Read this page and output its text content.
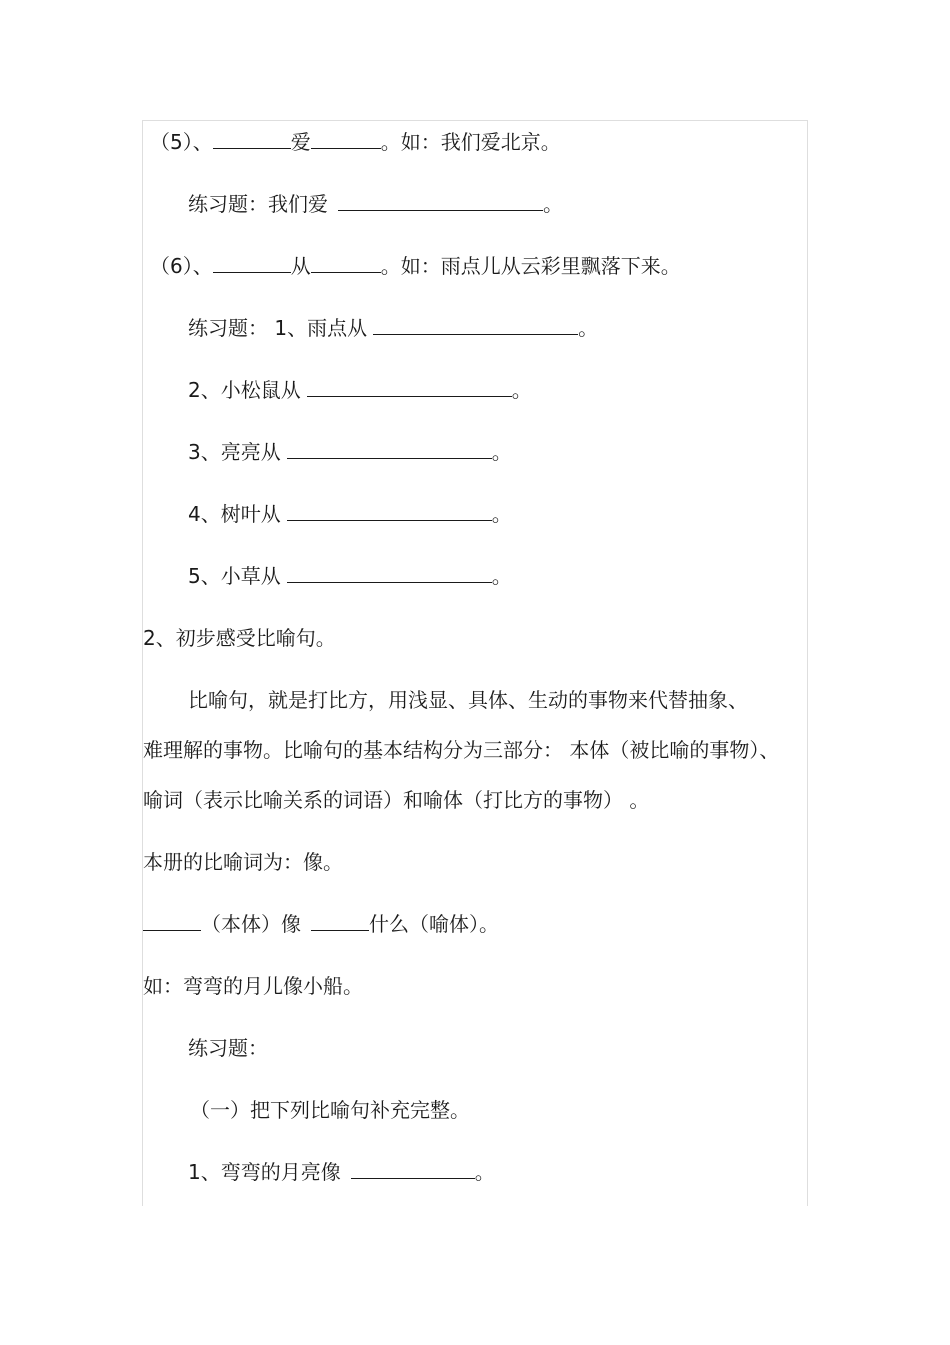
（5）、	爱	。如：我们爱北京。
练习题：我们爱	。
（6）、	从	。如：雨点儿从云彩里飘落下来。
练习题： 1、雨点从	。
2、小松鼠从	。
3、亮亮从	。
4、树叶从	。
5、小草从	。
2、初步感受比喻句。
比喻句，就是打比方，用浅显、具体、生动的事物来代替抽象、
难理解的事物。比喻句的基本结构分为三部分： 本体（被比喻的事物）、
喻词（表示比喻关系的词语）和喻体（打比方的事物） 。
本册的比喻词为：像。
（本体）像	什么（喻体）。
如：弯弯的月儿像小船。
练习题：
（一）把下列比喻句补充完整。
1、弯弯的月亮像	。
